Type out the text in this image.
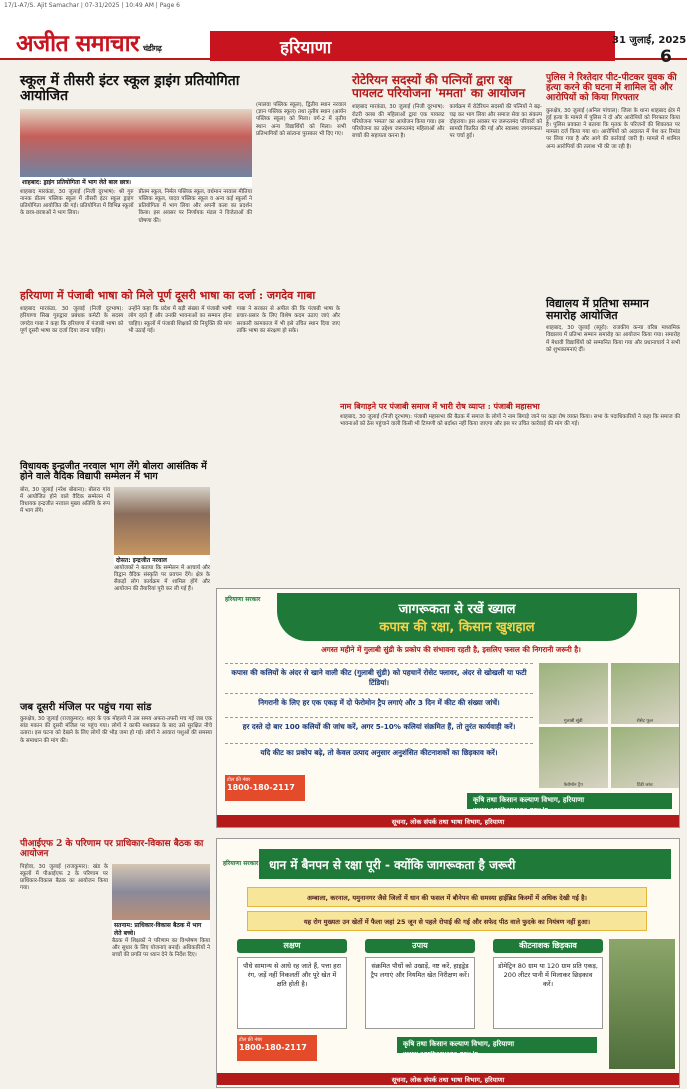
17/1-A7/S. Ajit Samachar | 07-31/2025 | 10:49 AM | Page 6
अजीत समाचार चंडीगढ़	हरियाणा	31 जुलाई, 2025
6
स्कूल में तीसरी इंटर स्कूल ड्राइंग प्रतियोगिता आयोजित
शाहबाद: ड्राइंग प्रतियोगिता में भाग लेते बाल छात्र।
शाहबाद मारकंडा, 30 जुलाई (निजी दूरभाष): श्री गुरु नानक प्रीतम पब्लिक स्कूल में तीसरी इंटर स्कूल ड्राइंग प्रतियोगिता आयोजित की गई। प्रतियोगिता में विभिन्न स्कूलों के छात्र-छात्राओं ने भाग लिया।
प्रीतम स्कूल, निर्मल पब्लिक स्कूल, वर्धमान नरवाल मीतिया पब्लिक स्कूल, यादव पब्लिक स्कूल व अन्य कई स्कूलों ने प्रतियोगिता में भाग लिया और अपनी कला का प्रदर्शन किया। इस अवसर पर निर्णायक मंडल ने विजेताओं की घोषणा की।
(मालवा पब्लिक स्कूल), द्वितीय स्थान नरवाल (ज्ञान पब्लिक स्कूल) तथा तृतीय स्थान (आर्यन पब्लिक स्कूल) को मिला। वर्ग-2 में तृतीय स्थान अन्य विद्यार्थियों को मिला। सभी प्रतिभागियों को सांत्वना पुरस्कार भी दिए गए।
रोटेरियन सदस्यों की पत्नियों द्वारा रक्ष पायलट परियोजना 'ममता' का आयोजन
शाहबाद मारकंडा, 30 जुलाई (निजी दूरभाष): रोटरी क्लब की महिलाओं द्वारा एक पायलट परियोजना 'ममता' का आयोजन किया गया। इस परियोजना का उद्देश्य जरूरतमंद महिलाओं और बच्चों की सहायता करना है।
कार्यक्रम में रोटेरियन सदस्यों की पत्नियों ने बढ़-चढ़ कर भाग लिया और समाज सेवा का संकल्प दोहराया। इस अवसर पर जरूरतमंद परिवारों को सामग्री वितरित की गई और स्वास्थ्य जागरूकता पर चर्चा हुई।
पुलिस ने रिश्तेदार पीट-पीटकर युवक की हत्या करने की घटना में शामिल दो और आरोपियों को किया गिरफ्तार
कुरुक्षेत्र, 30 जुलाई (अनिल पांचाल): जिला के थाना शाहबाद क्षेत्र में हुई हत्या के मामले में पुलिस ने दो और आरोपियों को गिरफ्तार किया है। पुलिस प्रवक्ता ने बताया कि मृतक के परिजनों की शिकायत पर मामला दर्ज किया गया था। आरोपियों को अदालत में पेश कर रिमांड पर लिया गया है और आगे की कार्रवाई जारी है। मामले में शामिल अन्य आरोपियों की तलाश भी की जा रही है।
विद्यालय में प्रतिभा सम्मान समारोह आयोजित
शाहबाद, 30 जुलाई (ब्यूरो): राजकीय कन्या वरिष्ठ माध्यमिक विद्यालय में प्रतिभा सम्मान समारोह का आयोजन किया गया। समारोह में मेधावी विद्यार्थियों को सम्मानित किया गया और प्रधानाचार्य ने सभी को शुभकामनाएं दीं।
हरियाणा में पंजाबी भाषा को मिले पूर्ण दूसरी भाषा का दर्जा : जगदेव गाबा
शाहबाद मारकंडा, 30 जुलाई (निजी दूरभाष): हरियाणा सिख गुरुद्वारा प्रबंधक कमेटी के सदस्य जगदेव गाबा ने कहा कि हरियाणा में पंजाबी भाषा को पूर्ण दूसरी भाषा का दर्जा दिया जाना चाहिए।
उन्होंने कहा कि प्रदेश में बड़ी संख्या में पंजाबी भाषी लोग रहते हैं और उनकी भावनाओं का सम्मान होना चाहिए। स्कूलों में पंजाबी शिक्षकों की नियुक्ति की मांग भी उठाई गई।
गाबा ने सरकार से अपील की कि पंजाबी भाषा के प्रचार-प्रसार के लिए विशेष कदम उठाए जाएं और सरकारी कामकाज में भी इसे उचित स्थान दिया जाए ताकि भाषा का संरक्षण हो सके।
नाम बिगाड़ने पर पंजाबी समाज में भारी रोष व्याप्त : पंजाबी महासभा
शाहबाद, 30 जुलाई (निजी दूरभाष): पंजाबी महासभा की बैठक में समाज के लोगों ने नाम बिगाड़े जाने पर कड़ा रोष व्यक्त किया। सभा के पदाधिकारियों ने कहा कि समाज की भावनाओं को ठेस पहुंचाने वाली किसी भी टिप्पणी को बर्दाश्त नहीं किया जाएगा और इस पर उचित कार्रवाई की मांग की गई।
विधायक इन्द्रजीत नरवाल भाग लेंगे बोलरा आसंतिक में होने वाले वैदिक विद्यापी सम्मेलन में भाग
बोरा, 30 जुलाई (नरेश बोबाना): बोलरा गांव में आयोजित होने वाले वैदिक सम्मेलन में विधायक इन्द्रजीत नरवाल मुख्य अतिथि के रूप में भाग लेंगे।
दोसत: इन्द्रजीत नरवाल
आयोजकों ने बताया कि सम्मेलन में आचार्य और विद्वान वैदिक संस्कृति पर प्रवचन देंगे। क्षेत्र के सैकड़ों लोग कार्यक्रम में शामिल होंगे और आयोजन की तैयारियां पूरी कर ली गई हैं।
जब दूसरी मंजिल पर पहुंच गया सांड
कुरुक्षेत्र, 30 जुलाई (राजकुमार): शहर के एक मोहल्ले में उस समय अफरा-तफरी मच गई जब एक सांड मकान की दूसरी मंजिल पर पहुंच गया। लोगों ने काफी मशक्कत के बाद उसे सुरक्षित नीचे उतारा। इस घटना को देखने के लिए लोगों की भीड़ जमा हो गई। लोगों ने आवारा पशुओं की समस्या के समाधान की मांग की।
पीआईएफ 2 के परिणाम पर प्राधिकार-विकास बैठक का आयोजन
पिहोवा, 30 जुलाई (राजकुमार): खंड के स्कूलों में पीआईएफ 2 के परिणाम पर प्राधिकार-विकास बैठक का आयोजन किया गया।
सतनाम: प्राधिकार-विकास बैठक में भाग लेते बच्चे।
बैठक में शिक्षकों ने परिणाम का विश्लेषण किया और सुधार के लिए योजनाएं बनाईं। अधिकारियों ने बच्चों की प्रगति पर ध्यान देने के निर्देश दिए।
हरियाणा सरकार
जागरूकता से रखें ख्याल
कपास की रक्षा, किसान खुशहाल
अगस्त महीने में गुलाबी सुंडी के प्रकोप की संभावना रहती है, इसलिए फसल की निगरानी जरूरी है।
कपास की कलियों के अंदर से खाने वाली कीट (गुलाबी सुंडी) को पहचानें रोसेट फ्लावर, अंदर से खोखली या फटी टिंडियां।
निगरानी के लिए हर एक एकड़ में दो फेरोमोन ट्रैप लगाएं और 3 दिन में कीट की संख्या जांचें।
हर दस्ते दो बार 100 कलियों की जांच करें, अगर 5-10% कलियां संक्रमित हैं, तो तुरंत कार्यवाही करें।
यदि कीट का प्रकोप बढ़े, तो केवल उत्पाद अनुसार अनुशंसित कीटनाशकों का छिड़काव करें।
गुलाबी सुंडी	रोसेट फूल
फेरोमोन ट्रैप	टिंडी जांच
टोल फ्री नंबर
1800-180-2117
कृषि तथा किसान कल्याण विभाग, हरियाणा
www.agriharyana.gov.in
सूचना, लोक संपर्क तथा भाषा विभाग, हरियाणा
धान में बैनपन से रक्षा पूरी - क्योंकि जागरूकता है जरूरी
हरियाणा सरकार
अम्बाला, करनाल, यमुनानगर जैसे जिलों में धान की फसल में बौनेपन की समस्या हाईब्रिड किस्मों में अधिक देखी गई है।
यह रोग मुख्यतः उन खेतों में फैला जहां 25 जून से पहले रोपाई की गई और सफेद पीठ वाले फुदके का नियंत्रण नहीं हुआ।
लक्षण	उपाय	कीटनाशक छिड़काव
पौधे सामान्य से आधे रह जाते हैं, पत्ता हरा रंग, जड़ें नहीं निकलतीं और पूरे खेत में क्षति होती है।
संक्रमित पौधों को उखाड़ें, नष्ट करें, हाइड्रेड ट्रैप लगाएं और नियमित खेत निरीक्षण करें।
डोमेट्रिन 80 ग्राम या 120 ग्राम प्रति एकड़, 200 लीटर पानी में मिलाकर छिड़काव करें।
टोल फ्री नंबर
1800-180-2117	कृषि तथा किसान कल्याण विभाग, हरियाणा
www.agriharyana.gov.in
सूचना, लोक संपर्क तथा भाषा विभाग, हरियाणा
